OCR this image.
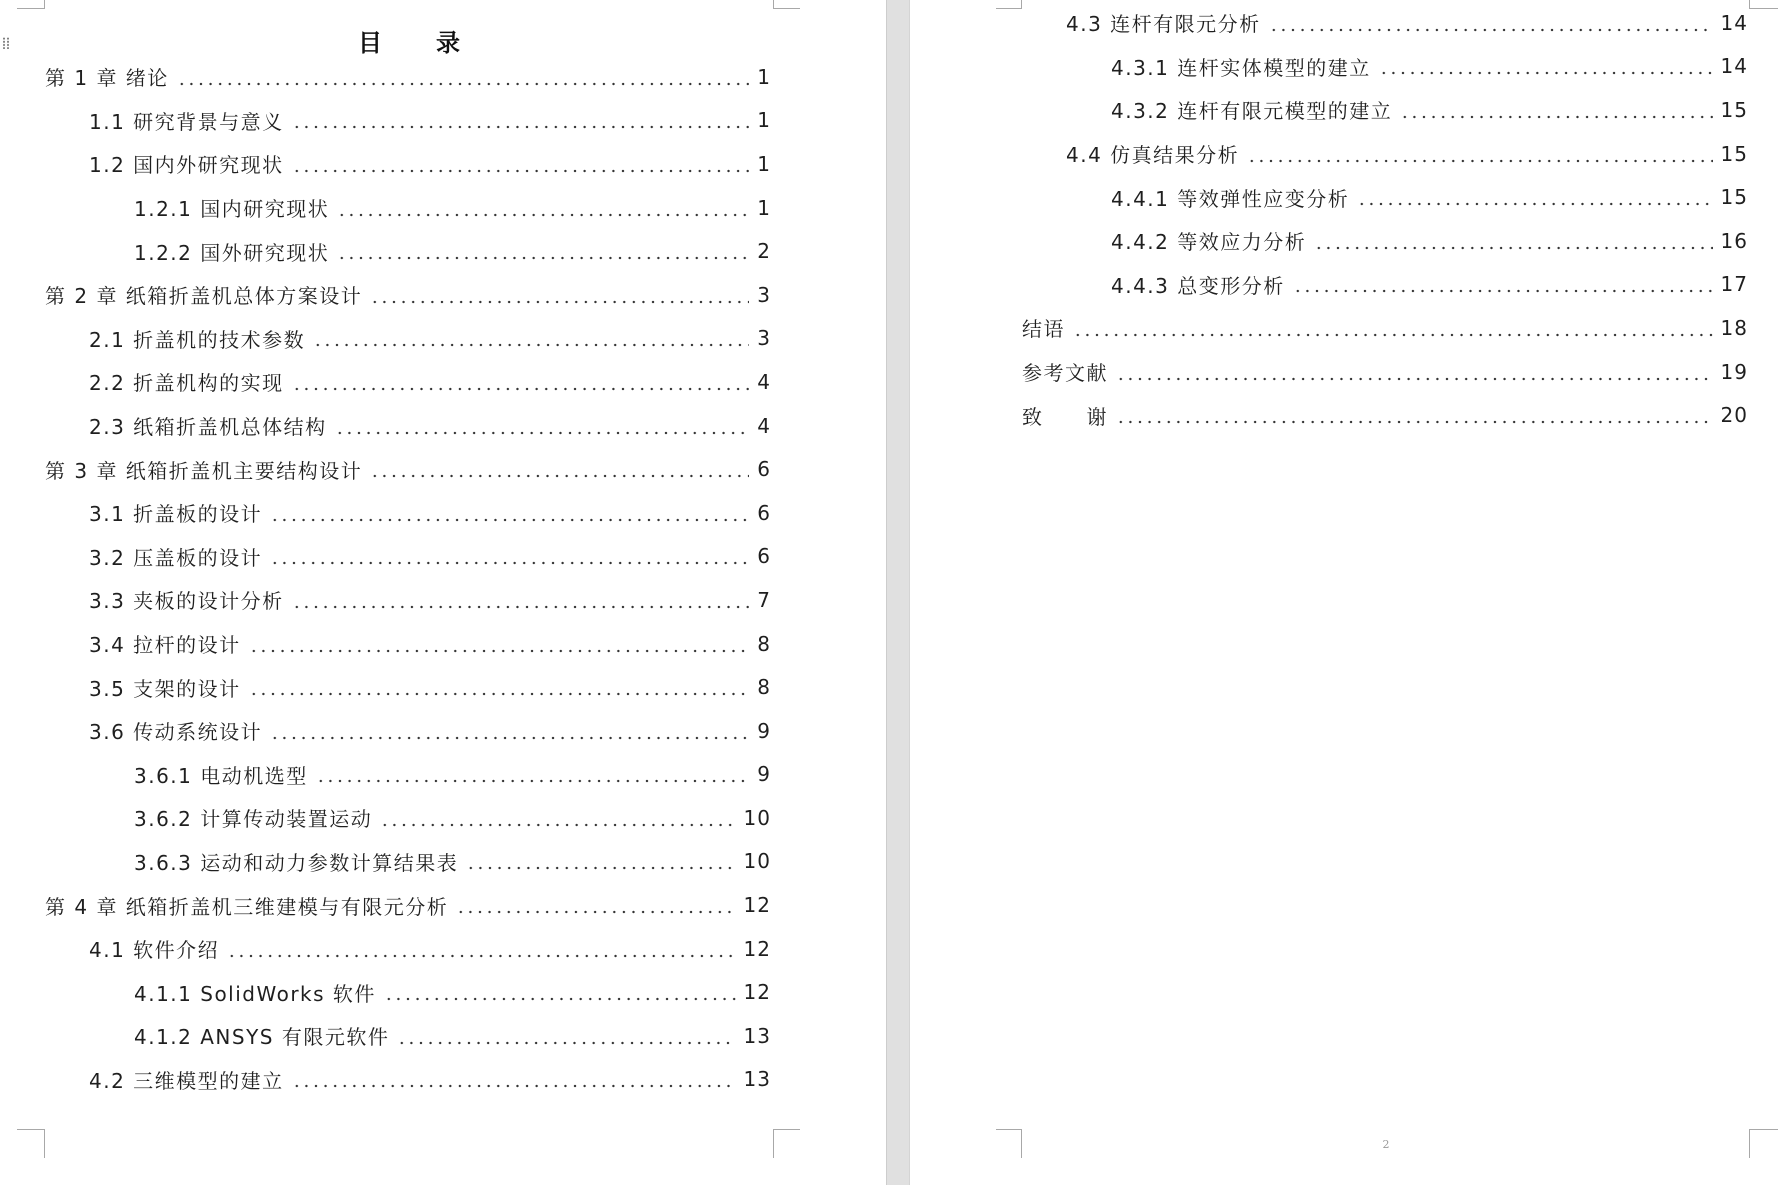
目　　录
第 1 章 绪论	1
1.1 研究背景与意义	1
1.2 国内外研究现状	1
1.2.1 国内研究现状	1
1.2.2 国外研究现状	2
第 2 章 纸箱折盖机总体方案设计	3
2.1 折盖机的技术参数	3
2.2 折盖机构的实现	4
2.3 纸箱折盖机总体结构	4
第 3 章 纸箱折盖机主要结构设计	6
3.1 折盖板的设计	6
3.2 压盖板的设计	6
3.3 夹板的设计分析	7
3.4 拉杆的设计	8
3.5 支架的设计	8
3.6 传动系统设计	9
3.6.1 电动机选型	9
3.6.2 计算传动装置运动	10
3.6.3 运动和动力参数计算结果表	10
第 4 章 纸箱折盖机三维建模与有限元分析	12
4.1 软件介绍	12
4.1.1 SolidWorks 软件	12
4.1.2 ANSYS 有限元软件	13
4.2 三维模型的建立	13
4.3 连杆有限元分析	14
4.3.1 连杆实体模型的建立	14
4.3.2 连杆有限元模型的建立	15
4.4 仿真结果分析	15
4.4.1 等效弹性应变分析	15
4.4.2 等效应力分析	16
4.4.3 总变形分析	17
结语	18
参考文献	19
致　　谢	20
2
